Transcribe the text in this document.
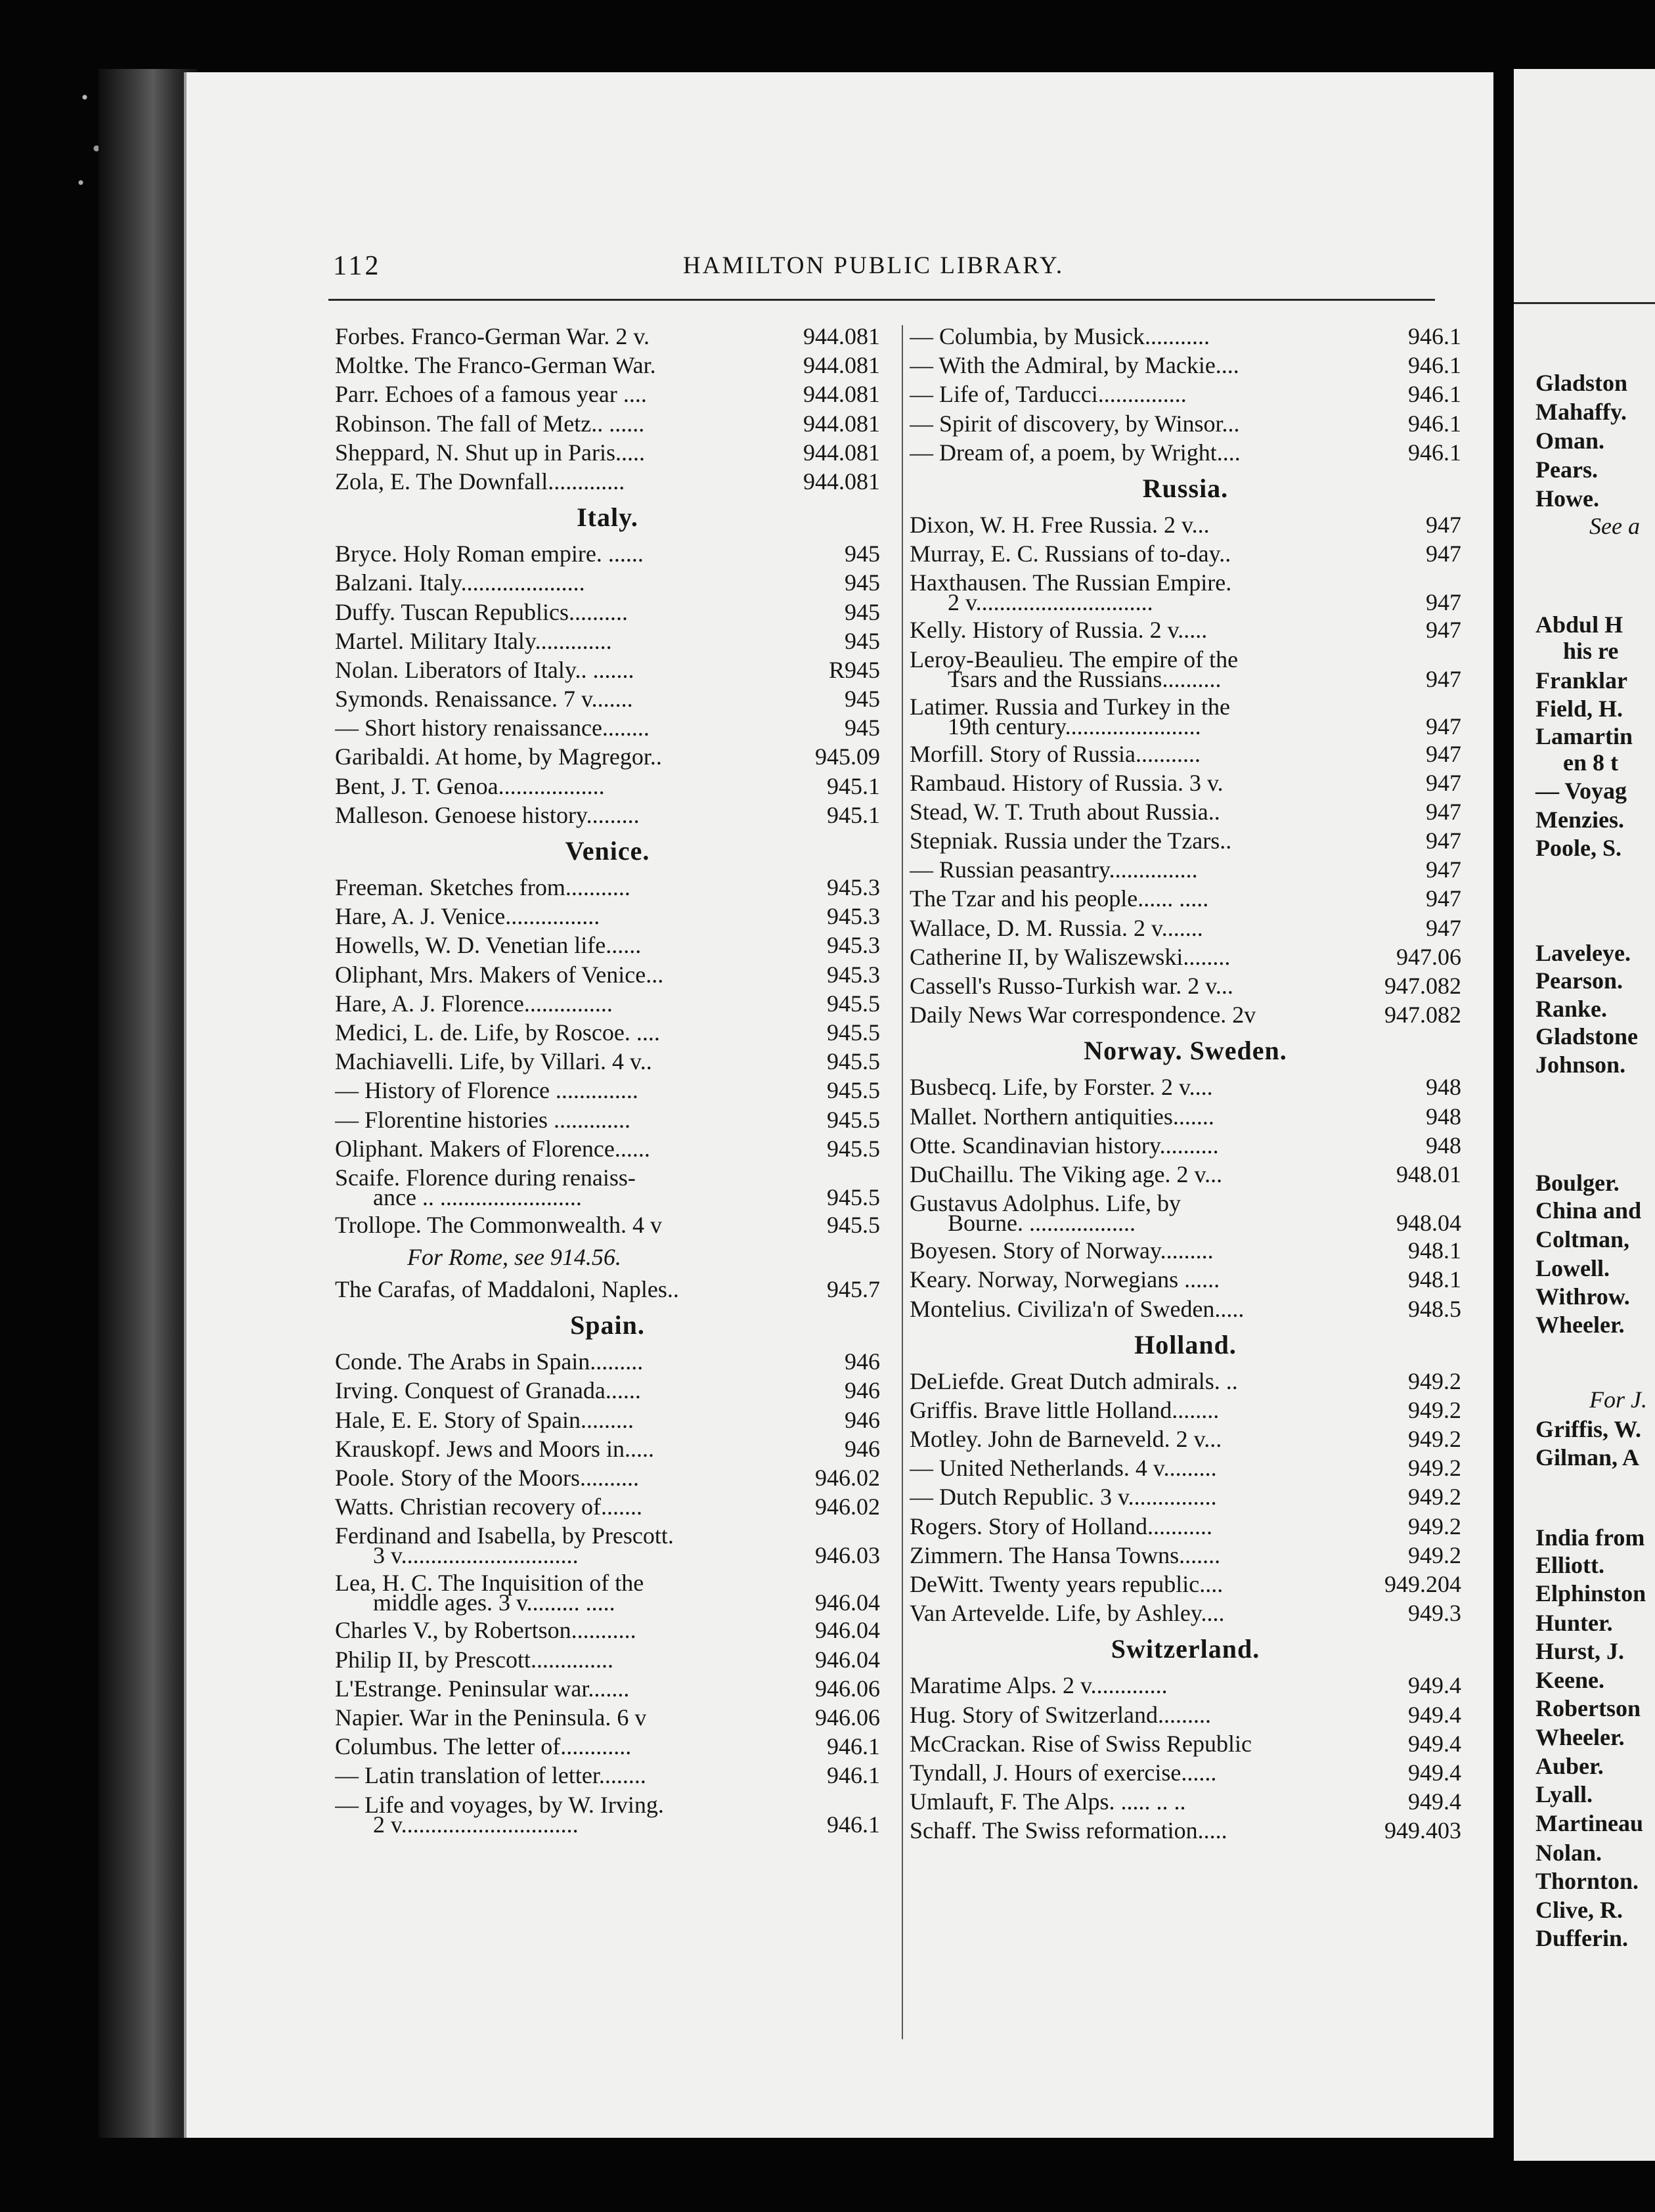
112	HAMILTON PUBLIC LIBRARY.
Forbes. Franco-German War. 2 v.	944.081
Moltke. The Franco-German War.	944.081
Parr. Echoes of a famous year ....	944.081
Robinson. The fall of Metz.. ......	944.081
Sheppard, N. Shut up in Paris.....	944.081
Zola, E. The Downfall.............	944.081
Italy.
Bryce. Holy Roman empire. ......	945
Balzani. Italy.....................	945
Duffy. Tuscan Republics..........	945
Martel. Military Italy.............	945
Nolan. Liberators of Italy.. .......	R945
Symonds. Renaissance. 7 v.......	945
— Short history renaissance........	945
Garibaldi. At home, by Magregor..	945.09
Bent, J. T. Genoa..................	945.1
Malleson. Genoese history.........	945.1
Venice.
Freeman. Sketches from...........	945.3
Hare, A. J. Venice................	945.3
Howells, W. D. Venetian life......	945.3
Oliphant, Mrs. Makers of Venice...	945.3
Hare, A. J. Florence...............	945.5
Medici, L. de. Life, by Roscoe. ....	945.5
Machiavelli. Life, by Villari. 4 v..	945.5
— History of Florence ..............	945.5
— Florentine histories .............	945.5
Oliphant. Makers of Florence......	945.5
Scaife. Florence during renaiss-
ance .. ........................	945.5
Trollope. The Commonwealth. 4 v	945.5
For Rome, see 914.56.
The Carafas, of Maddaloni, Naples..	945.7
Spain.
Conde. The Arabs in Spain.........	946
Irving. Conquest of Granada......	946
Hale, E. E. Story of Spain.........	946
Krauskopf. Jews and Moors in.....	946
Poole. Story of the Moors..........	946.02
Watts. Christian recovery of.......	946.02
Ferdinand and Isabella, by Prescott.
3 v..............................	946.03
Lea, H. C. The Inquisition of the
middle ages. 3 v......... .....	946.04
Charles V., by Robertson...........	946.04
Philip II, by Prescott..............	946.04
L'Estrange. Peninsular war.......	946.06
Napier. War in the Peninsula. 6 v	946.06
Columbus. The letter of............	946.1
— Latin translation of letter........	946.1
— Life and voyages, by W. Irving.
2 v..............................	946.1
— Columbia, by Musick...........	946.1
— With the Admiral, by Mackie....	946.1
— Life of, Tarducci...............	946.1
— Spirit of discovery, by Winsor...	946.1
— Dream of, a poem, by Wright....	946.1
Russia.
Dixon, W. H. Free Russia. 2 v...	947
Murray, E. C. Russians of to-day..	947
Haxthausen. The Russian Empire.
2 v..............................	947
Kelly. History of Russia. 2 v.....	947
Leroy-Beaulieu. The empire of the
Tsars and the Russians..........	947
Latimer. Russia and Turkey in the
19th century.......................	947
Morfill. Story of Russia...........	947
Rambaud. History of Russia. 3 v.	947
Stead, W. T. Truth about Russia..	947
Stepniak. Russia under the Tzars..	947
— Russian peasantry...............	947
The Tzar and his people...... .....	947
Wallace, D. M. Russia. 2 v.......	947
Catherine II, by Waliszewski........	947.06
Cassell's Russo-Turkish war. 2 v...	947.082
Daily News War correspondence. 2v	947.082
Norway. Sweden.
Busbecq. Life, by Forster. 2 v....	948
Mallet. Northern antiquities.......	948
Otte. Scandinavian history..........	948
DuChaillu. The Viking age. 2 v...	948.01
Gustavus Adolphus. Life, by
Bourne. ..................	948.04
Boyesen. Story of Norway.........	948.1
Keary. Norway, Norwegians ......	948.1
Montelius. Civiliza'n of Sweden.....	948.5
Holland.
DeLiefde. Great Dutch admirals. ..	949.2
Griffis. Brave little Holland........	949.2
Motley. John de Barneveld. 2 v...	949.2
— United Netherlands. 4 v.........	949.2
— Dutch Republic. 3 v...............	949.2
Rogers. Story of Holland...........	949.2
Zimmern. The Hansa Towns.......	949.2
DeWitt. Twenty years republic....	949.204
Van Artevelde. Life, by Ashley....	949.3
Switzerland.
Maratime Alps. 2 v.............	949.4
Hug. Story of Switzerland.........	949.4
McCrackan. Rise of Swiss Republic	949.4
Tyndall, J. Hours of exercise......	949.4
Umlauft, F. The Alps. ..... .. ..	949.4
Schaff. The Swiss reformation.....	949.403
Gladston
Mahaffy.
Oman.
Pears.
Howe.
See a
Abdul H
his re
Franklar
Field, H.
Lamartin
en 8 t
— Voyag
Menzies.
Poole, S.
Laveleye.
Pearson.
Ranke.
Gladstone
Johnson.
Boulger.
China and
Coltman,
Lowell.
Withrow.
Wheeler.
For J.
Griffis, W.
Gilman, A
India from
Elliott.
Elphinston
Hunter.
Hurst, J.
Keene.
Robertson
Wheeler.
Auber.
Lyall.
Martineau
Nolan.
Thornton.
Clive, R.
Dufferin.
